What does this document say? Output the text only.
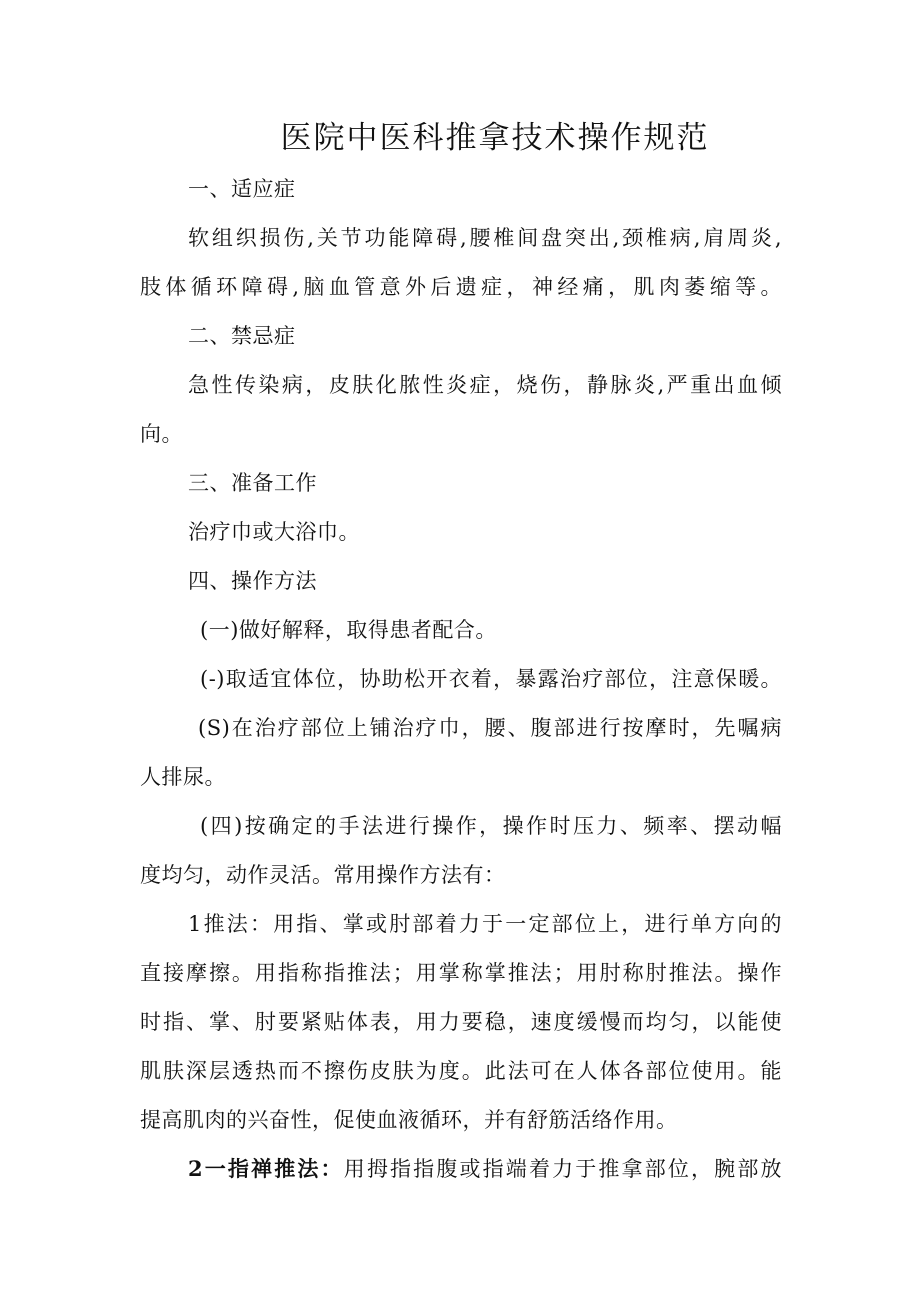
医院中医科推拿技术操作规范

一、适应症

软组织损伤,关节功能障碍,腰椎间盘突出,颈椎病,肩周炎,

肢体循环障碍,脑血管意外后遗症，神经痛，肌肉萎缩等。

二、禁忌症

急性传染病，皮肤化脓性炎症，烧伤，静脉炎,严重出血倾

向。

三、准备工作

治疗巾或大浴巾。

四、操作方法

(一)做好解释，取得患者配合。

(-)取适宜体位，协助松开衣着，暴露治疗部位，注意保暖。

(S)在治疗部位上铺治疗巾，腰、腹部进行按摩时，先嘱病

人排尿。

(四)按确定的手法进行操作，操作时压力、频率、摆动幅

度均匀，动作灵活。常用操作方法有：

1推法：用指、掌或肘部着力于一定部位上，进行单方向的

直接摩擦。用指称指推法；用掌称掌推法；用肘称肘推法。操作

时指、掌、肘要紧贴体表，用力要稳，速度缓慢而均匀，以能使

肌肤深层透热而不擦伤皮肤为度。此法可在人体各部位使用。能

提高肌肉的兴奋性，促使血液循环，并有舒筋活络作用。

2一指禅推法：用拇指指腹或指端着力于推拿部位，腕部放
